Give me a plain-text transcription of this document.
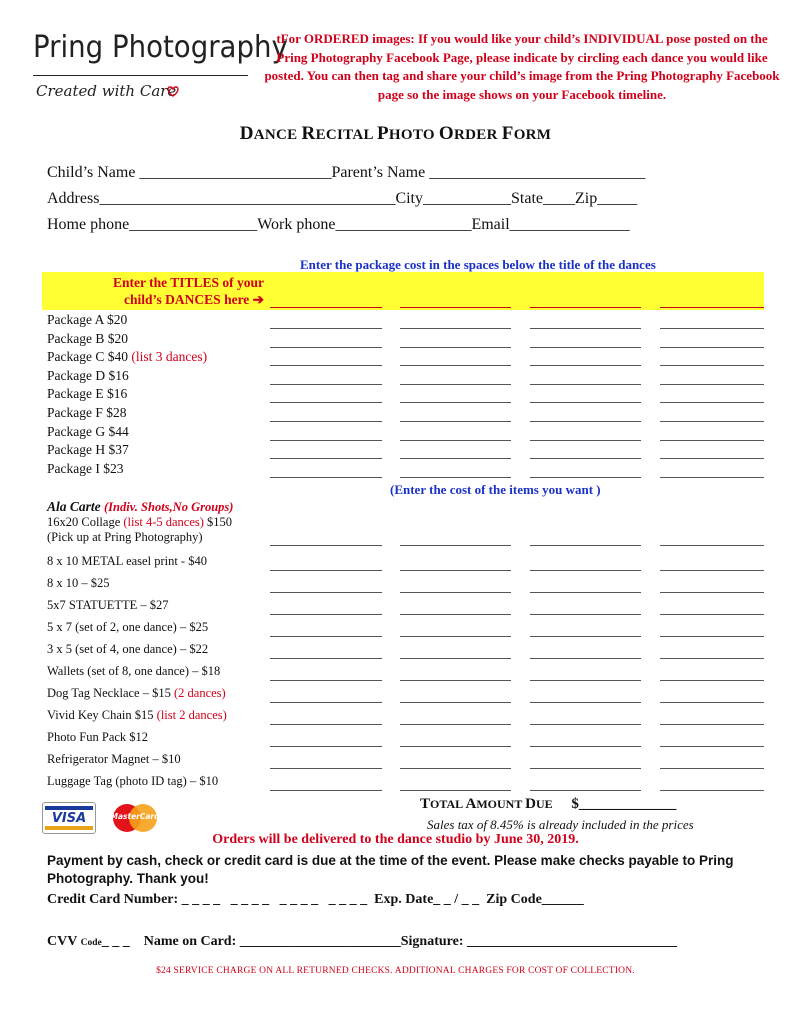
Pring Photography
Created with Care
tFor ORDERED images: If you would like your child’s INDIVIDUAL pose posted on the Pring Photography Facebook Page, please indicate by circling each dance you would like posted. You can then tag and share your child’s image from the Pring Photography Facebook page so the image shows on your Facebook timeline.
DANCE RECITAL PHOTO ORDER FORM
Child’s Name ________________________Parent’s Name ___________________________
Address_____________________________________City___________State____Zip_____
Home phone________________Work phone_________________Email_______________
Enter the package cost in the spaces below the title of the dances
Enter the TITLES of your
child’s DANCES here ➔
Package A $20
Package B $20
Package C $40 (list 3 dances)
Package D $16
Package E $16
Package F $28
Package G $44
Package H $37
Package I $23
(Enter the cost of the items you want )
Ala Carte (Indiv. Shots,No Groups)
16x20 Collage (list 4-5 dances) $150
(Pick up at Pring Photography)
8 x 10 METAL easel print - $40
8 x 10 – $25
5x7 STATUETTE – $27
5 x 7 (set of 2, one dance) – $25
3 x 5 (set of 4, one dance) – $22
Wallets (set of 8, one dance) – $18
Dog Tag Necklace – $15 (2 dances)
Vivid Key Chain $15 (list 2 dances)
Photo Fun Pack $12
Refrigerator Magnet – $10
Luggage Tag (photo ID tag) – $10
VISA	MasterCard
TOTAL AMOUNT DUE $_____________
Sales tax of 8.45% is already included in the prices
Orders will be delivered to the dance studio by June 30, 2019.
Payment by cash, check or credit card is due at the time of the event. Please make checks payable to Pring Photography. Thank you!
Credit Card Number: _ _ _ _   _ _ _ _   _ _ _ _   _ _ _ _  Exp. Date_ _ / _ _  Zip Code______
CVV Code_ _ _    Name on Card: _______________________Signature: ______________________________
$24 SERVICE CHARGE ON ALL RETURNED CHECKS. ADDITIONAL CHARGES FOR COST OF COLLECTION.
